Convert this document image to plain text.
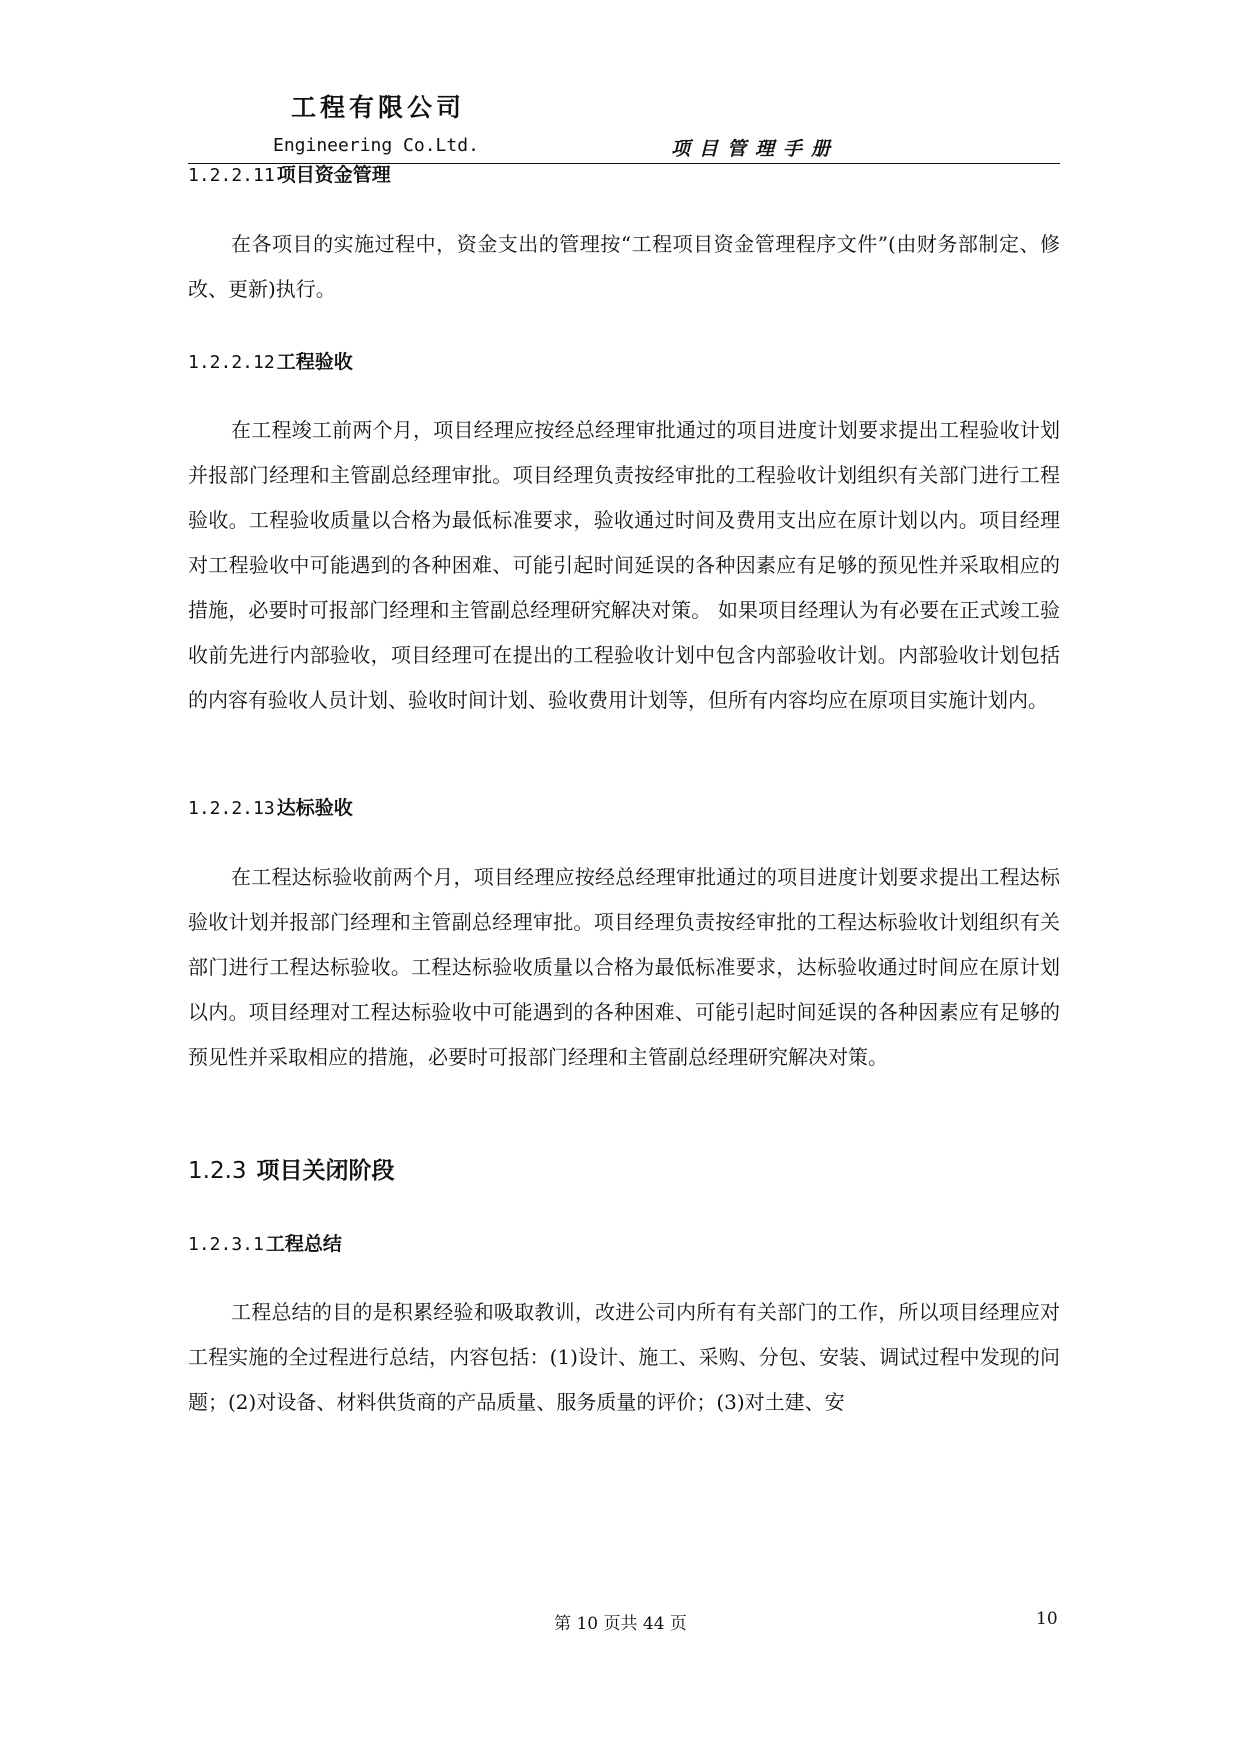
工程有限公司
Engineering Co.Ltd.	项目管理手册
1.2.2.11 项目资金管理

在各项目的实施过程中，资金支出的管理按“工程项目资金管理程序文件”(由财务部制定、修改、更新)执行。

1.2.2.12 工程验收

在工程竣工前两个月，项目经理应按经总经理审批通过的项目进度计划要求提出工程验收计划并报部门经理和主管副总经理审批。项目经理负责按经审批的工程验收计划组织有关部门进行工程验收。工程验收质量以合格为最低标准要求，验收通过时间及费用支出应在原计划以内。项目经理对工程验收中可能遇到的各种困难、可能引起时间延误的各种因素应有足够的预见性并采取相应的措施，必要时可报部门经理和主管副总经理研究解决对策。 如果项目经理认为有必要在正式竣工验收前先进行内部验收，项目经理可在提出的工程验收计划中包含内部验收计划。内部验收计划包括的内容有验收人员计划、验收时间计划、验收费用计划等，但所有内容均应在原项目实施计划内。

1.2.2.13 达标验收

在工程达标验收前两个月，项目经理应按经总经理审批通过的项目进度计划要求提出工程达标验收计划并报部门经理和主管副总经理审批。项目经理负责按经审批的工程达标验收计划组织有关部门进行工程达标验收。工程达标验收质量以合格为最低标准要求，达标验收通过时间应在原计划以内。项目经理对工程达标验收中可能遇到的各种困难、可能引起时间延误的各种因素应有足够的预见性并采取相应的措施，必要时可报部门经理和主管副总经理研究解决对策。

1.2.3 项目关闭阶段
1.2.3.1 工程总结

工程总结的目的是积累经验和吸取教训，改进公司内所有有关部门的工作，所以项目经理应对工程实施的全过程进行总结，内容包括：(1)设计、施工、采购、分包、安装、调试过程中发现的问题；(2)对设备、材料供货商的产品质量、服务质量的评价；(3)对土建、安

第 10 页共 44 页	10
